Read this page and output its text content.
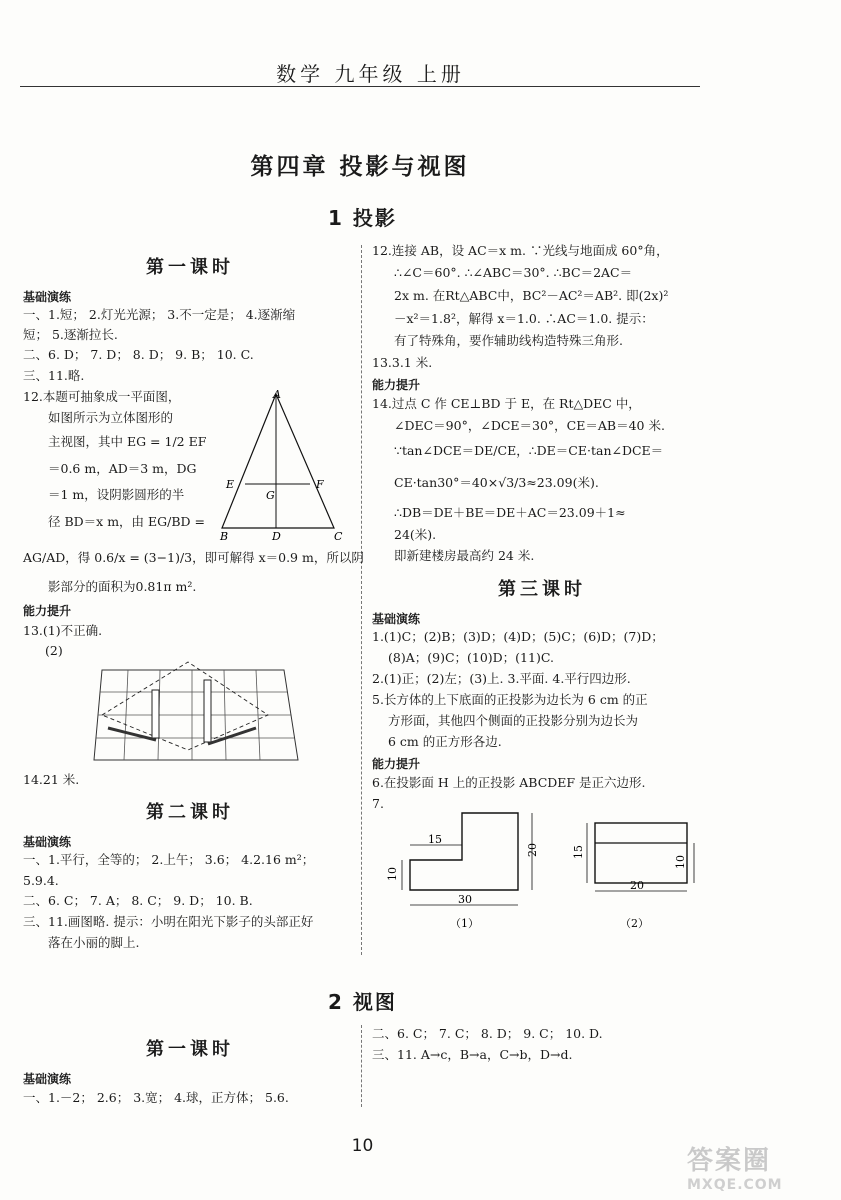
数学 九年级 上册
第四章 投影与视图
1 投影
第一课时
基础演练
一、1.短； 2.灯光光源； 3.不一定是； 4.逐渐缩
短； 5.逐渐拉长.
二、6. D； 7. D； 8. D； 9. B； 10. C.
三、11.略.
12.本题可抽象成一平面图，
如图所示为立体图形的
主视图，其中 EG = 1/2 EF
＝0.6 m，AD＝3 m，DG
＝1 m，设阴影圆形的半
径 BD＝x m，由 EG/BD =
AG/AD，得 0.6/x = (3−1)/3，即可解得 x＝0.9 m，所以阴
影部分的面积为0.81π m².
能力提升
13.(1)不正确.
(2)
A
E	F
G
B	D	C
14.21 米.
第二课时
基础演练
一、1.平行，全等的； 2.上午； 3.6； 4.2.16 m²；
5.9.4.
二、6. C； 7. A； 8. C； 9. D； 10. B.
三、11.画图略. 提示：小明在阳光下影子的头部正好
落在小丽的脚上.
12.连接 AB，设 AC＝x m. ∵光线与地面成 60°角，
∴∠C＝60°. ∴∠ABC＝30°. ∴BC＝2AC＝
2x m. 在Rt△ABC中，BC²－AC²＝AB². 即(2x)²
－x²＝1.8²，解得 x＝1.0. ∴AC＝1.0. 提示：
有了特殊角，要作辅助线构造特殊三角形.
13.3.1 米.
能力提升
14.过点 C 作 CE⊥BD 于 E，在 Rt△DEC 中，
∠DEC＝90°，∠DCE＝30°，CE＝AB＝40 米.
∵tan∠DCE＝DE/CE，∴DE＝CE·tan∠DCE＝
CE·tan30°＝40×√3/3≈23.09(米).
∴DB＝DE＋BE＝DE＋AC＝23.09＋1≈
24(米).
即新建楼房最高约 24 米.
第三课时
基础演练
1.(1)C；(2)B；(3)D；(4)D；(5)C；(6)D；(7)D；
(8)A；(9)C；(10)D；(11)C.
2.(1)正；(2)左；(3)上. 3.平面. 4.平行四边形.
5.长方体的上下底面的正投影为边长为 6 cm 的正
方形面，其他四个侧面的正投影分别为边长为
6 cm 的正方形各边.
能力提升
6.在投影面 H 上的正投影 ABCDEF 是正六边形.
7.
15
20
10
30
（1）
15
10
20
（2）
2 视图
第一课时
基础演练
一、1.－2； 2.6； 3.宽； 4.球，正方体； 5.6.
二、6. C； 7. C； 8. D； 9. C； 10. D.
三、11. A→c，B→a，C→b，D→d.
10	答案圈
MXQE.COM
